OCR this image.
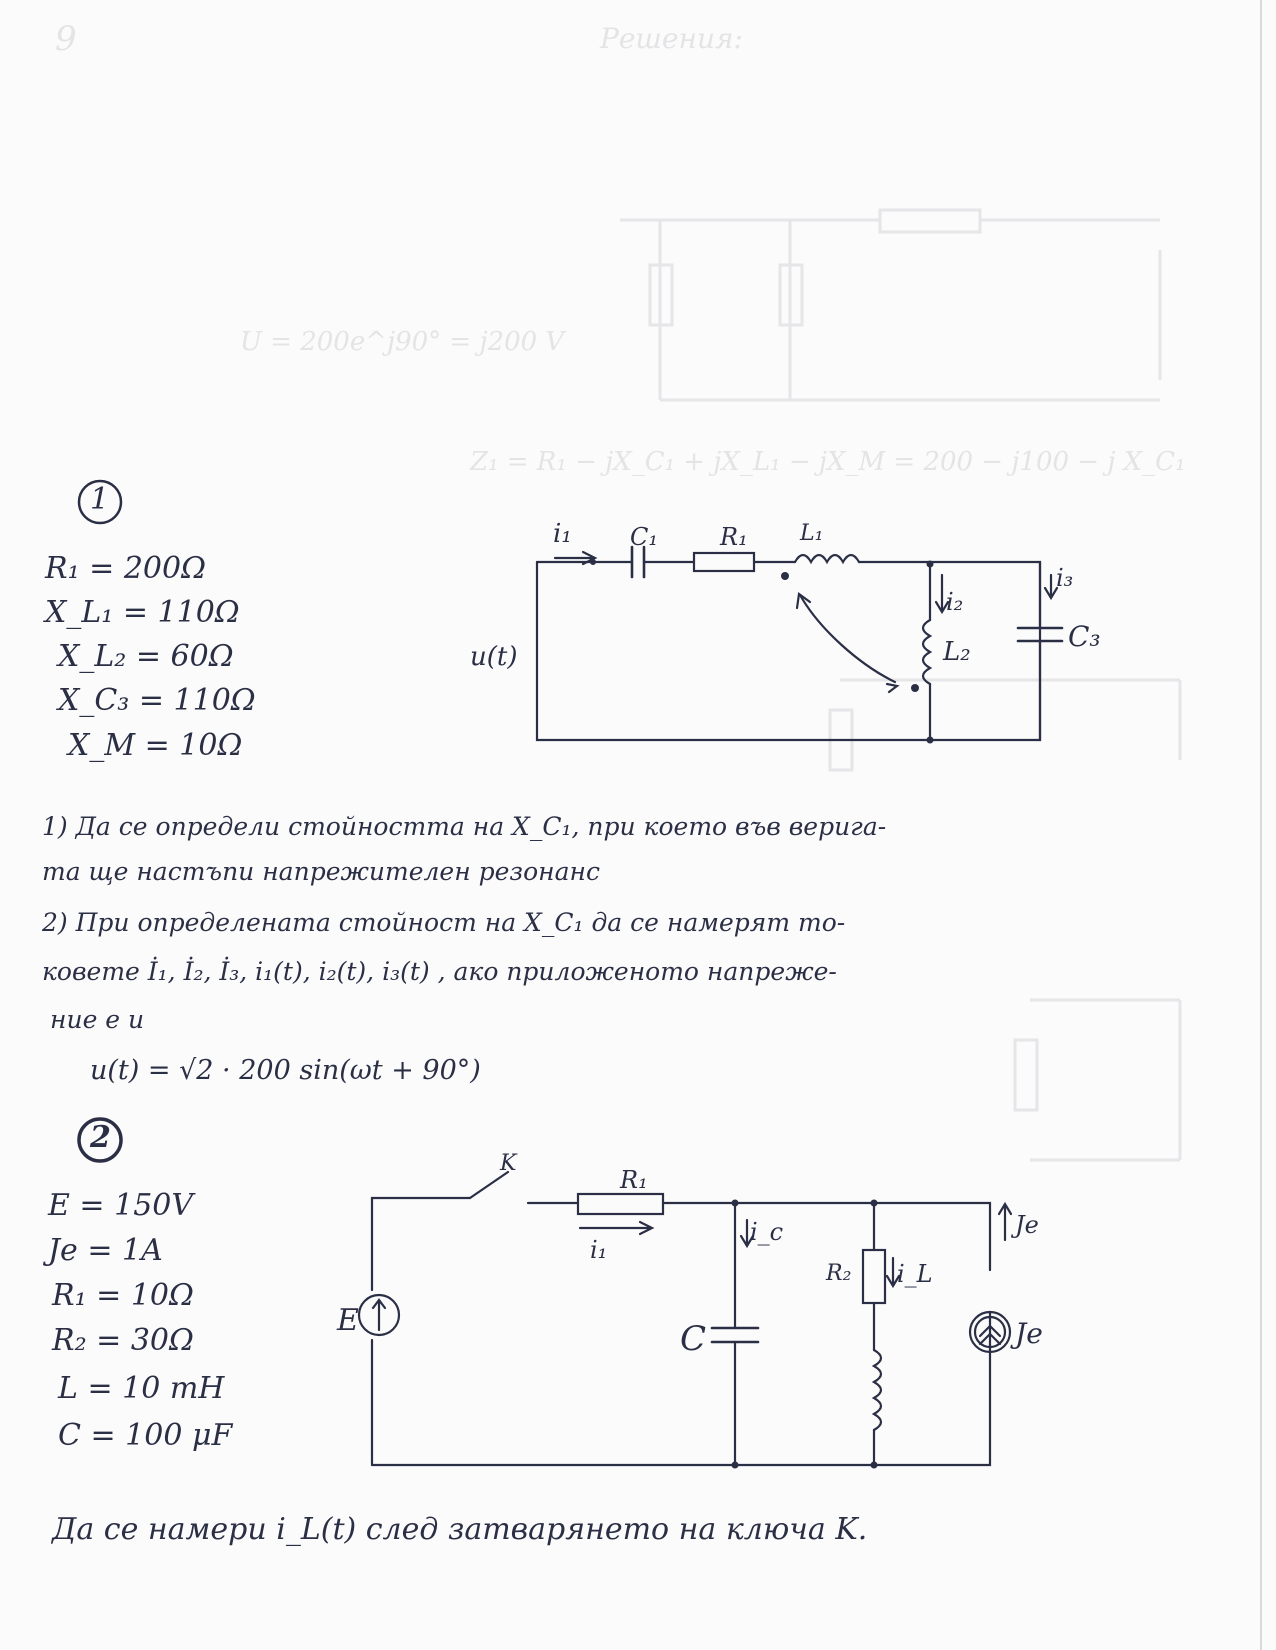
9	Решения:
U = 200e^j90° = j200 V
Z₁ = R₁ − jX_C₁ + jX_L₁ − jX_M = 200 − j100 − j X_C₁
1
R₁ = 200Ω
X_L₁ = 110Ω
X_L₂ = 60Ω
X_C₃ = 110Ω
X_M = 10Ω
i₁ C₁	R₁ L₁
i₂
L₂
i₃
C₃
u(t)
1) Да се определи стойността на X_C₁, при което във верига-
та ще настъпи напрежителен резонанс
2) При определената стойност на X_C₁ да се намерят то-
ковете İ₁, İ₂, İ₃, i₁(t), i₂(t), i₃(t) , ако приложеното напреже-
ние е u
u(t) = √2 · 200 sin(ωt + 90°)
2
E = 150V
Je = 1A
R₁ = 10Ω
R₂ = 30Ω
L = 10 mH
C = 100 μF
K
R₁
i₁
i_c
R₂ i_L
C
E	Je
Je
Да се намери i_L(t) след затварянето на ключа K.
